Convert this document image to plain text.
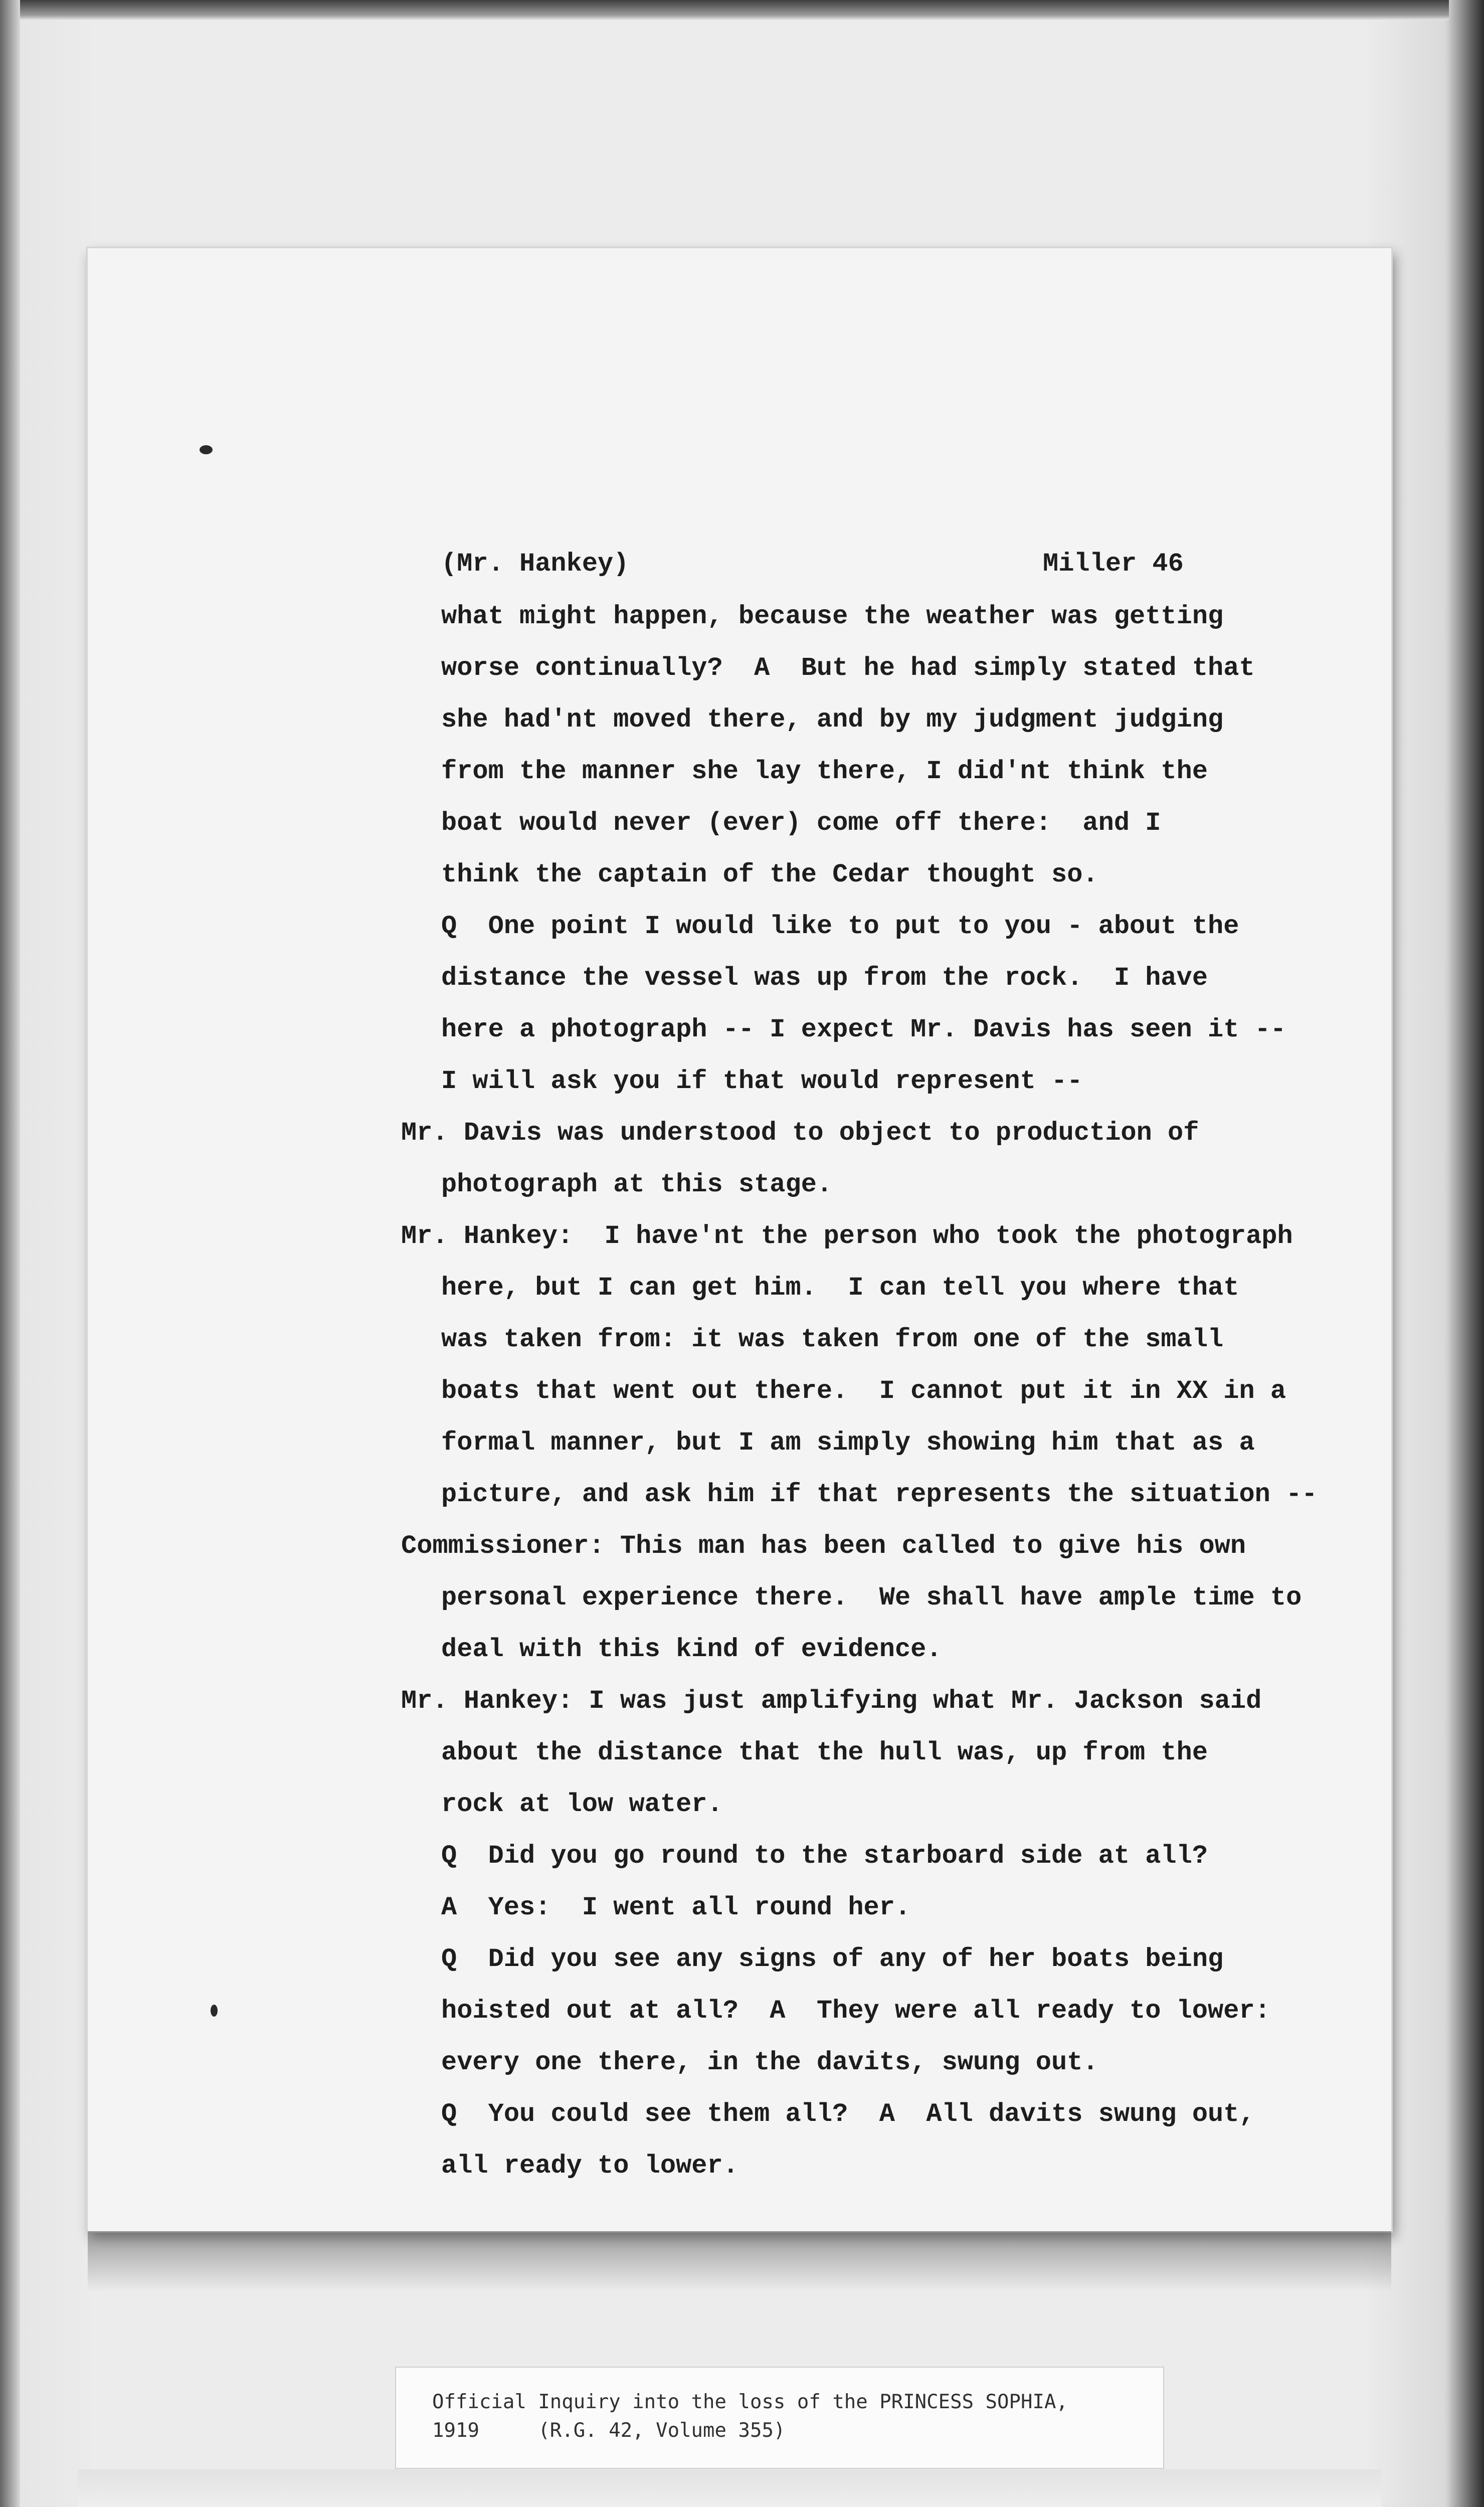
(Mr. Hankey)	Miller 46

what might happen, because the weather was getting

worse continually?  A  But he had simply stated that

she had'nt moved there, and by my judgment judging

from the manner she lay there, I did'nt think the

boat would never (ever) come off there:  and I

think the captain of the Cedar thought so.

Q  One point I would like to put to you - about the

distance the vessel was up from the rock.  I have

here a photograph -- I expect Mr. Davis has seen it --

I will ask you if that would represent --

Mr. Davis was understood to object to production of

photograph at this stage.

Mr. Hankey:  I have'nt the person who took the photograph

here, but I can get him.  I can tell you where that

was taken from: it was taken from one of the small

boats that went out there.  I cannot put it in XX in a

formal manner, but I am simply showing him that as a

picture, and ask him if that represents the situation --

Commissioner: This man has been called to give his own

personal experience there.  We shall have ample time to

deal with this kind of evidence.

Mr. Hankey: I was just amplifying what Mr. Jackson said

about the distance that the hull was, up from the

rock at low water.

Q  Did you go round to the starboard side at all?

A  Yes:  I went all round her.

Q  Did you see any signs of any of her boats being

hoisted out at all?  A  They were all ready to lower:

every one there, in the davits, swung out.

Q  You could see them all?  A  All davits swung out,

all ready to lower.

Official Inquiry into the loss of the PRINCESS SOPHIA,

1919     (R.G. 42, Volume 355)
